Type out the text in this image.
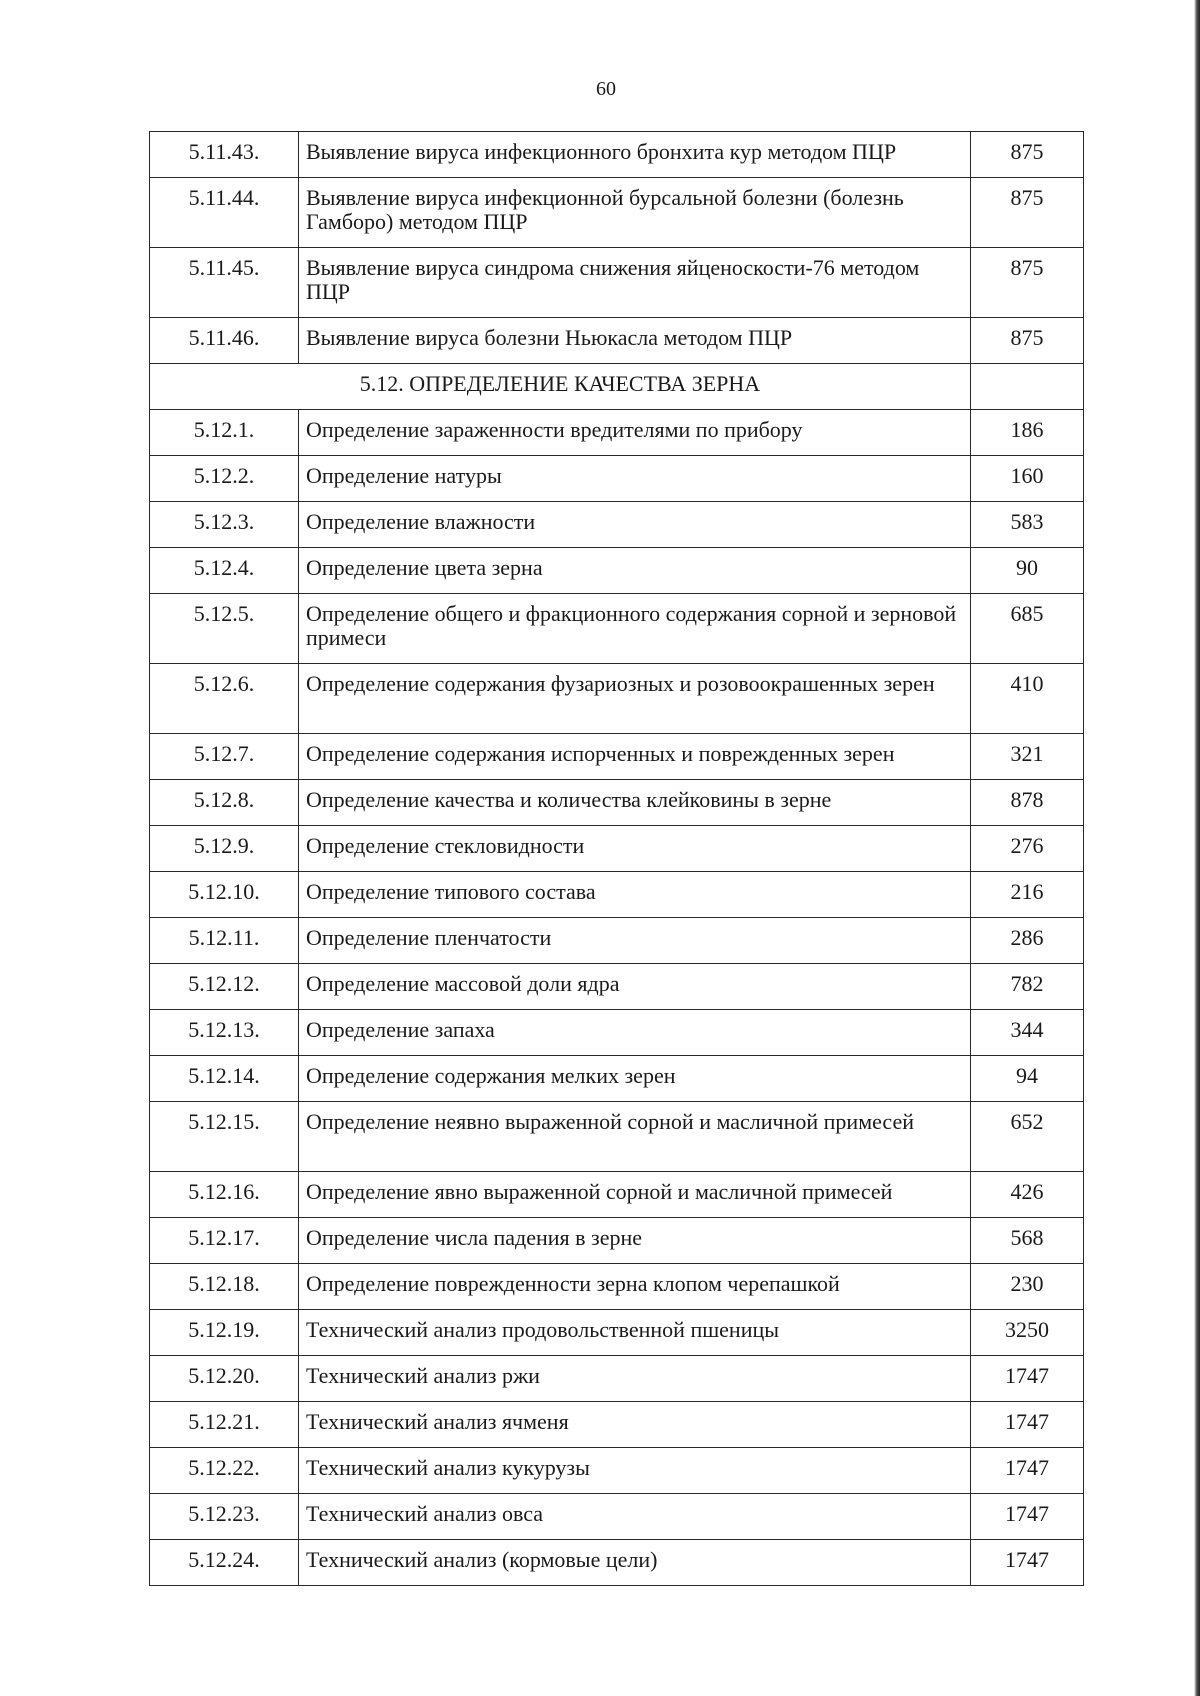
60
5.11.43.	Выявление вируса инфекционного бронхита кур методом ПЦР	875
5.11.44.	Выявление вируса инфекционной бурсальной болезни (болезнь Гамборо) методом ПЦР	875
5.11.45.	Выявление вируса синдрома снижения яйценоскости-76 методом ПЦР	875
5.11.46.	Выявление вируса болезни Ньюкасла методом ПЦР	875
5.12. ОПРЕДЕЛЕНИЕ КАЧЕСТВА ЗЕРНА		
5.12.1.	Определение зараженности вредителями по прибору	186
5.12.2.	Определение натуры	160
5.12.3.	Определение влажности	583
5.12.4.	Определение цвета зерна	90
5.12.5.	Определение общего и фракционного содержания сорной и зерновой примеси	685
5.12.6.	Определение содержания фузариозных и розовоокрашенных зерен	410
5.12.7.	Определение содержания испорченных и поврежденных зерен	321
5.12.8.	Определение качества и количества клейковины в зерне	878
5.12.9.	Определение стекловидности	276
5.12.10.	Определение типового состава	216
5.12.11.	Определение пленчатости	286
5.12.12.	Определение массовой доли ядра	782
5.12.13.	Определение запаха	344
5.12.14.	Определение содержания мелких зерен	94
5.12.15.	Определение неявно выраженной сорной и масличной примесей	652
5.12.16.	Определение явно выраженной сорной и масличной примесей	426
5.12.17.	Определение числа падения в зерне	568
5.12.18.	Определение поврежденности зерна клопом черепашкой	230
5.12.19.	Технический анализ продовольственной пшеницы	3250
5.12.20.	Технический анализ ржи	1747
5.12.21.	Технический анализ ячменя	1747
5.12.22.	Технический анализ кукурузы	1747
5.12.23.	Технический анализ овса	1747
5.12.24.	Технический анализ (кормовые цели)	1747
